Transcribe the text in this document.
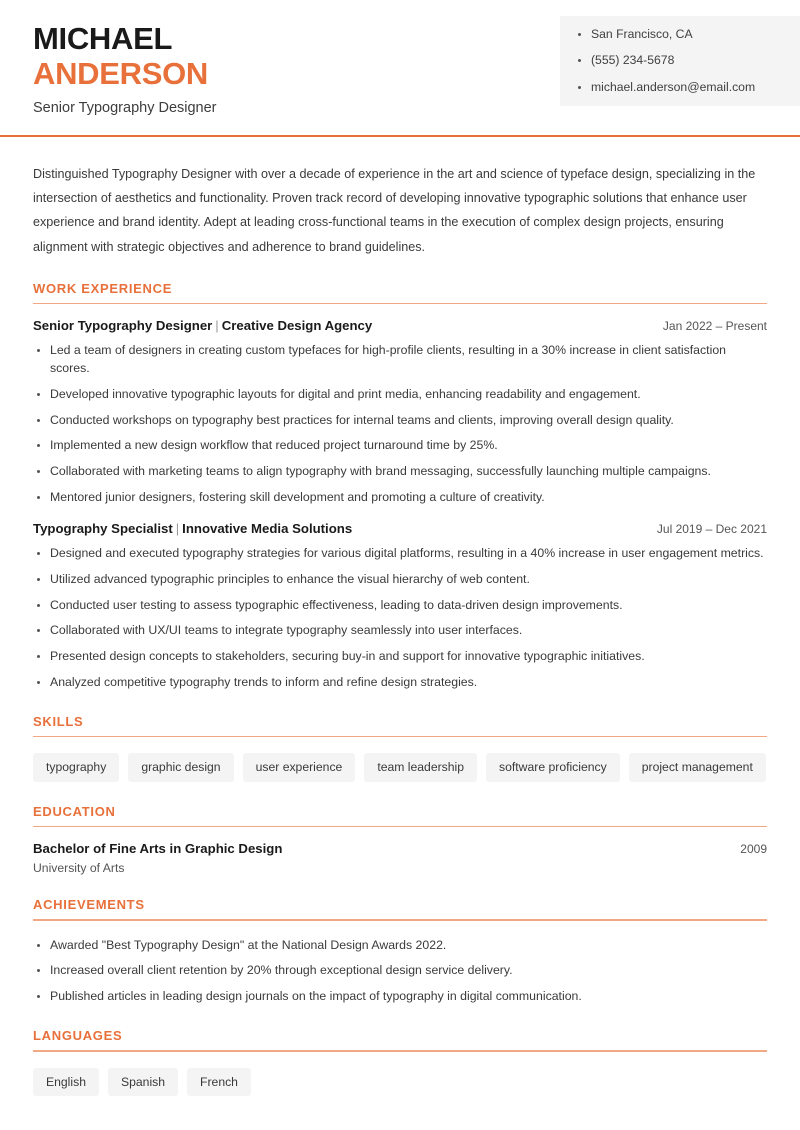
MICHAEL
ANDERSON
Senior Typography Designer
San Francisco, CA
(555) 234-5678
michael.anderson@email.com

Distinguished Typography Designer with over a decade of experience in the art and science of typeface design, specializing in the intersection of aesthetics and functionality. Proven track record of developing innovative typographic solutions that enhance user experience and brand identity. Adept at leading cross-functional teams in the execution of complex design projects, ensuring alignment with strategic objectives and adherence to brand guidelines.

WORK EXPERIENCE
Senior Typography Designer | Creative Design Agency	Jan 2022 – Present
Led a team of designers in creating custom typefaces for high-profile clients, resulting in a 30% increase in client satisfaction scores.
Developed innovative typographic layouts for digital and print media, enhancing readability and engagement.
Conducted workshops on typography best practices for internal teams and clients, improving overall design quality.
Implemented a new design workflow that reduced project turnaround time by 25%.
Collaborated with marketing teams to align typography with brand messaging, successfully launching multiple campaigns.
Mentored junior designers, fostering skill development and promoting a culture of creativity.
Typography Specialist | Innovative Media Solutions	Jul 2019 – Dec 2021
Designed and executed typography strategies for various digital platforms, resulting in a 40% increase in user engagement metrics.
Utilized advanced typographic principles to enhance the visual hierarchy of web content.
Conducted user testing to assess typographic effectiveness, leading to data-driven design improvements.
Collaborated with UX/UI teams to integrate typography seamlessly into user interfaces.
Presented design concepts to stakeholders, securing buy-in and support for innovative typographic initiatives.
Analyzed competitive typography trends to inform and refine design strategies.
SKILLS
typography	graphic design	user experience	team leadership	software proficiency	project management
EDUCATION
Bachelor of Fine Arts in Graphic Design	2009
University of Arts
ACHIEVEMENTS
Awarded "Best Typography Design" at the National Design Awards 2022.
Increased overall client retention by 20% through exceptional design service delivery.
Published articles in leading design journals on the impact of typography in digital communication.
LANGUAGES
English	Spanish	French
